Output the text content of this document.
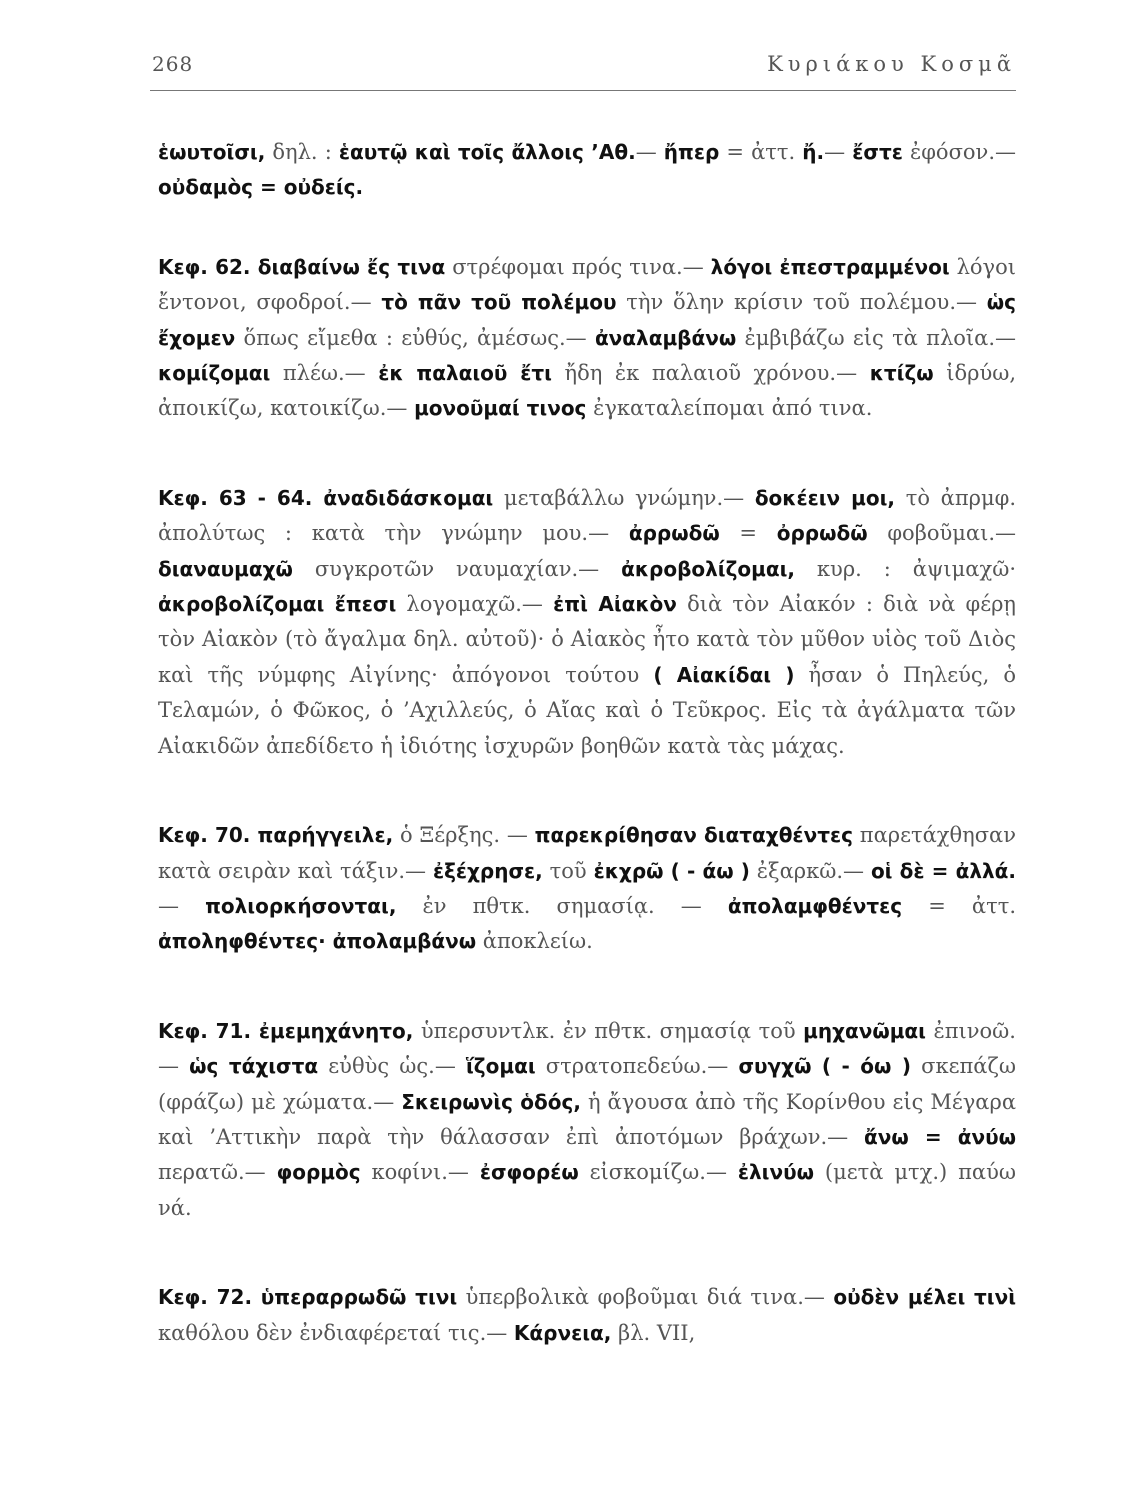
268	Κυριάκου Κοσμᾶ

ἑωυτοῖσι, δηλ. : ἑαυτῷ καὶ τοῖς ἄλλοις ’Αθ.— ἤπερ = ἀττ. ἤ.— ἔστε ἐφόσον.— οὐδαμὸς = οὐδείς.

Κεφ. 62. διαβαίνω ἔς τινα στρέφομαι πρός τινα.— λόγοι ἐπεστραμμένοι λόγοι ἔντονοι, σφοδροί.— τὸ πᾶν τοῦ πολέμου τὴν ὅλην κρίσιν τοῦ πολέμου.— ὡς ἔχομεν ὅπως εἴμεθα : εὐθύς, ἀμέσως.— ἀναλαμβάνω ἐμβιβάζω εἰς τὰ πλοῖα.— κομίζομαι πλέω.— ἐκ παλαιοῦ ἔτι ἤδη ἐκ παλαιοῦ χρόνου.— κτίζω ἱδρύω, ἀποικίζω, κατοικίζω.— μονοῦμαί τινος ἐγκαταλείπομαι ἀπό τινα.

Κεφ. 63 - 64. ἀναδιδάσκομαι μεταβάλλω γνώμην.— δοκέειν μοι, τὸ ἀπρμφ. ἀπολύτως : κατὰ τὴν γνώμην μου.— ἀρρωδῶ = ὀρρωδῶ φοβοῦμαι.— διαναυμαχῶ συγκροτῶν ναυμαχίαν.— ἀκροβολίζομαι, κυρ. : ἀψιμαχῶ· ἀκροβολίζομαι ἔπεσι λογομαχῶ.— ἐπὶ Αἰακὸν διὰ τὸν Αἰακόν : διὰ νὰ φέρῃ τὸν Αἰακὸν (τὸ ἄγαλμα δηλ. αὐτοῦ)· ὁ Αἰακὸς ἦτο κατὰ τὸν μῦθον υἱὸς τοῦ Διὸς καὶ τῆς νύμφης Αἰγίνης· ἀπόγονοι τούτου ( Αἰακίδαι ) ἦσαν ὁ Πηλεύς, ὁ Τελαμών, ὁ Φῶκος, ὁ ’Αχιλλεύς, ὁ Αἴας καὶ ὁ Τεῦκρος. Εἰς τὰ ἀγάλματα τῶν Αἰακιδῶν ἀπεδίδετο ἡ ἰδιότης ἰσχυρῶν βοηθῶν κατὰ τὰς μάχας.

Κεφ. 70. παρήγγειλε, ὁ Ξέρξης. — παρεκρίθησαν διαταχθέντες παρετάχθησαν κατὰ σειρὰν καὶ τάξιν.— ἐξέχρησε, τοῦ ἐκχρῶ ( - άω ) ἐξαρκῶ.— οἱ δὲ = ἀλλά.— πολιορκήσονται, ἐν πθτκ. σημασίᾳ. — ἀπολαμφθέντες = ἀττ. ἀποληφθέντες· ἀπολαμβάνω ἀποκλείω.

Κεφ. 71. ἐμεμηχάνητο, ὑπερσυντλκ. ἐν πθτκ. σημασίᾳ τοῦ μηχανῶμαι ἐπινοῶ.— ὡς τάχιστα εὐθὺς ὡς.— ἵζομαι στρατοπεδεύω.— συγχῶ ( - όω ) σκεπάζω (φράζω) μὲ χώματα.— Σκειρωνὶς ὁδός, ἡ ἄγουσα ἀπὸ τῆς Κορίνθου εἰς Μέγαρα καὶ ’Αττικὴν παρὰ τὴν θάλασσαν ἐπὶ ἀποτόμων βράχων.— ἄνω = ἀνύω περατῶ.— φορμὸς κοφίνι.— ἐσφορέω εἰσκομίζω.— ἐλινύω (μετὰ μτχ.) παύω νά.

Κεφ. 72. ὑπεραρρωδῶ τινι ὑπερβολικὰ φοβοῦμαι διά τινα.— οὐδὲν μέλει τινὶ καθόλου δὲν ἐνδιαφέρεταί τις.— Κάρνεια, βλ. VII,
